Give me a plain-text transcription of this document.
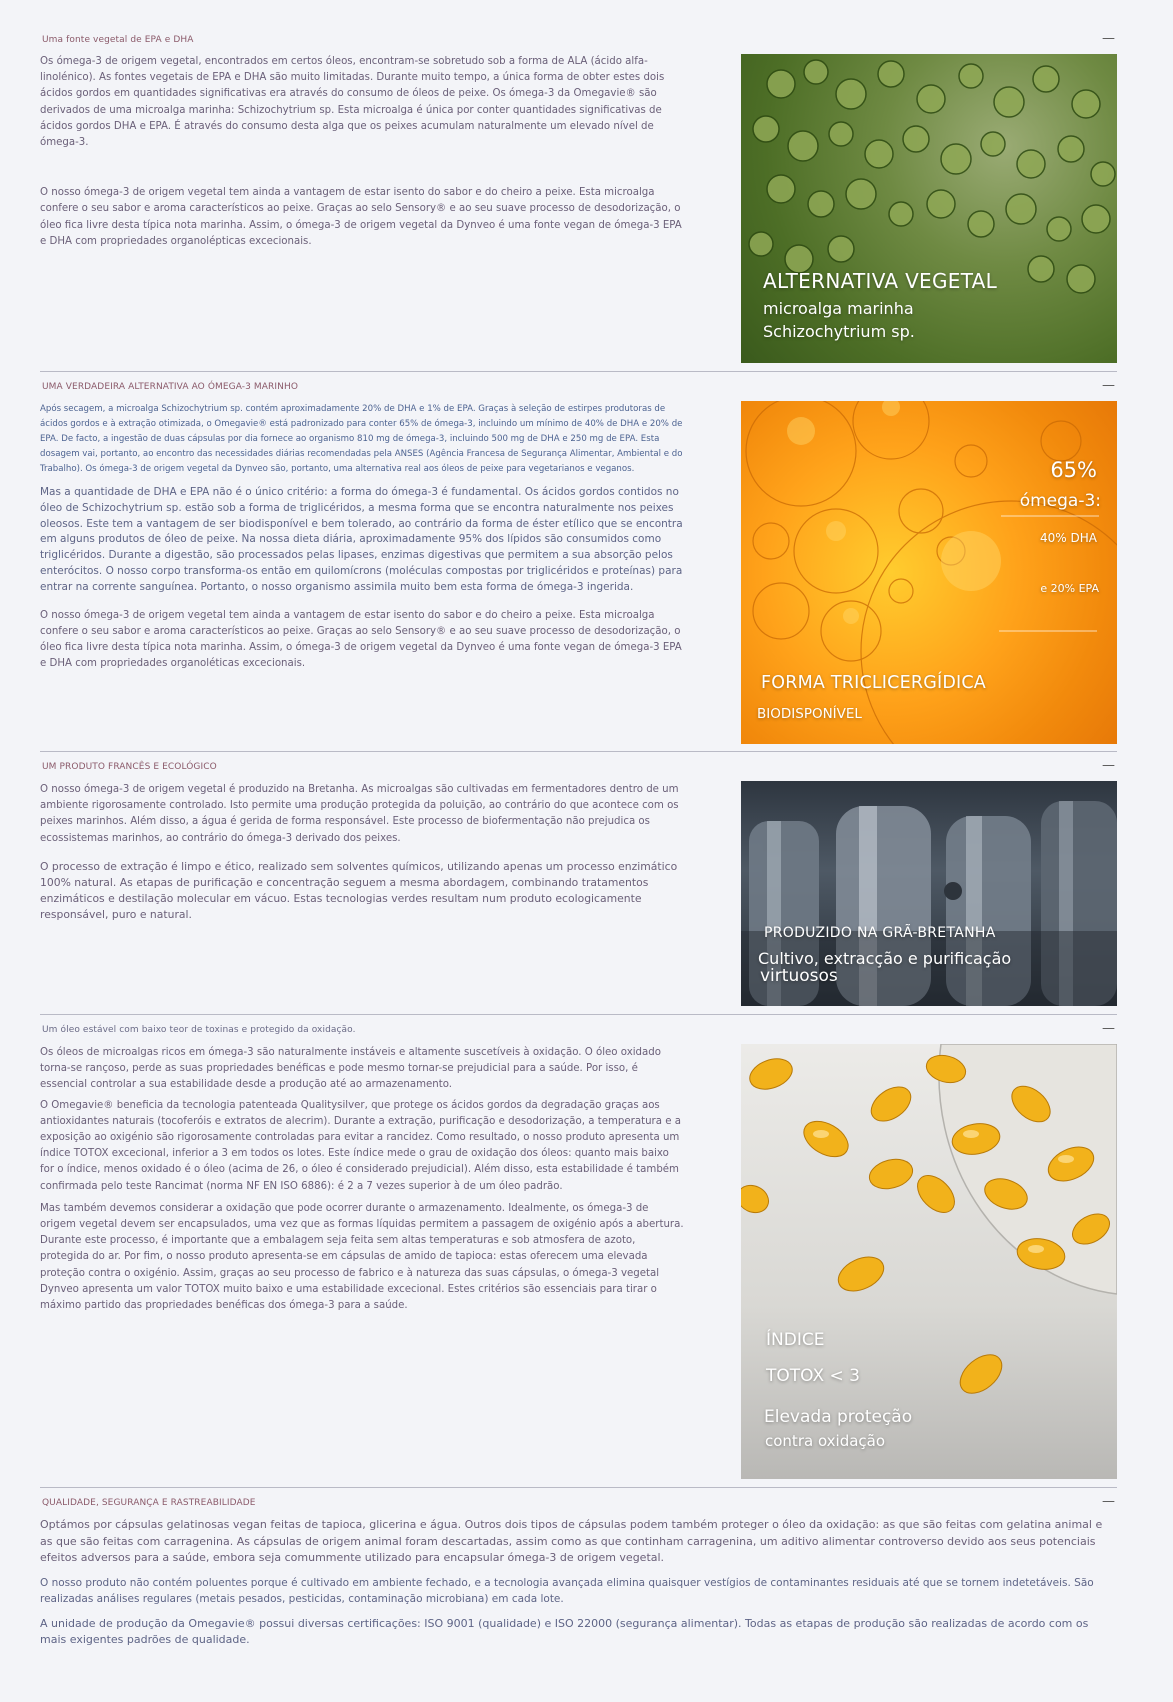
Uma fonte vegetal de EPA e DHA	—

Os ómega-3 de origem vegetal, encontrados em certos óleos, encontram-se sobretudo sob a forma de ALA (ácido alfa-linolénico). As fontes vegetais de EPA e DHA são muito limitadas. Durante muito tempo, a única forma de obter estes dois ácidos gordos em quantidades significativas era através do consumo de óleos de peixe. Os ómega-3 da Omegavie® são derivados de uma microalga marinha: Schizochytrium sp. Esta microalga é única por conter quantidades significativas de ácidos gordos DHA e EPA. É através do consumo desta alga que os peixes acumulam naturalmente um elevado nível de ómega-3.

O nosso ómega-3 de origem vegetal tem ainda a vantagem de estar isento do sabor e do cheiro a peixe. Esta microalga confere o seu sabor e aroma característicos ao peixe. Graças ao selo Sensory® e ao seu suave processo de desodorização, o óleo fica livre desta típica nota marinha. Assim, o ómega-3 de origem vegetal da Dynveo é uma fonte vegan de ómega-3 EPA e DHA com propriedades organolépticas excecionais.

ALTERNATIVA VEGETAL
microalga marinha
Schizochytrium sp.
UMA VERDADEIRA ALTERNATIVA AO ÓMEGA-3 MARINHO	—

Após secagem, a microalga Schizochytrium sp. contém aproximadamente 20% de DHA e 1% de EPA. Graças à seleção de estirpes produtoras de ácidos gordos e à extração otimizada, o Omegavie® está padronizado para conter 65% de ómega-3, incluindo um mínimo de 40% de DHA e 20% de EPA. De facto, a ingestão de duas cápsulas por dia fornece ao organismo 810 mg de ómega-3, incluindo 500 mg de DHA e 250 mg de EPA. Esta dosagem vai, portanto, ao encontro das necessidades diárias recomendadas pela ANSES (Agência Francesa de Segurança Alimentar, Ambiental e do Trabalho). Os ómega-3 de origem vegetal da Dynveo são, portanto, uma alternativa real aos óleos de peixe para vegetarianos e veganos.

Mas a quantidade de DHA e EPA não é o único critério: a forma do ómega-3 é fundamental. Os ácidos gordos contidos no óleo de Schizochytrium sp. estão sob a forma de triglicéridos, a mesma forma que se encontra naturalmente nos peixes oleosos. Este tem a vantagem de ser biodisponível e bem tolerado, ao contrário da forma de éster etílico que se encontra em alguns produtos de óleo de peixe. Na nossa dieta diária, aproximadamente 95% dos lípidos são consumidos como triglicéridos. Durante a digestão, são processados pelas lipases, enzimas digestivas que permitem a sua absorção pelos enterócitos. O nosso corpo transforma-os então em quilomícrons (moléculas compostas por triglicéridos e proteínas) para entrar na corrente sanguínea. Portanto, o nosso organismo assimila muito bem esta forma de ómega-3 ingerida.

O nosso ómega-3 de origem vegetal tem ainda a vantagem de estar isento do sabor e do cheiro a peixe. Esta microalga confere o seu sabor e aroma característicos ao peixe. Graças ao selo Sensory® e ao seu suave processo de desodorização, o óleo fica livre desta típica nota marinha. Assim, o ómega-3 de origem vegetal da Dynveo é uma fonte vegan de ómega-3 EPA e DHA com propriedades organoléticas excecionais.

65%
ómega-3:
40% DHA
e 20% EPA
FORMA TRICLICERGÍDICA
BIODISPONÍVEL
UM PRODUTO FRANCÊS E ECOLÓGICO	—

O nosso ómega-3 de origem vegetal é produzido na Bretanha. As microalgas são cultivadas em fermentadores dentro de um ambiente rigorosamente controlado. Isto permite uma produção protegida da poluição, ao contrário do que acontece com os peixes marinhos. Além disso, a água é gerida de forma responsável. Este processo de biofermentação não prejudica os ecossistemas marinhos, ao contrário do ómega-3 derivado dos peixes.

O processo de extração é limpo e ético, realizado sem solventes químicos, utilizando apenas um processo enzimático 100% natural. As etapas de purificação e concentração seguem a mesma abordagem, combinando tratamentos enzimáticos e destilação molecular em vácuo. Estas tecnologias verdes resultam num produto ecologicamente responsável, puro e natural.

PRODUZIDO NA GRÃ-BRETANHA
Cultivo, extracção e purificação
virtuosos
Um óleo estável com baixo teor de toxinas e protegido da oxidação.	—

Os óleos de microalgas ricos em ómega-3 são naturalmente instáveis e altamente suscetíveis à oxidação. O óleo oxidado torna-se rançoso, perde as suas propriedades benéficas e pode mesmo tornar-se prejudicial para a saúde. Por isso, é essencial controlar a sua estabilidade desde a produção até ao armazenamento.

O Omegavie® beneficia da tecnologia patenteada Qualitysilver, que protege os ácidos gordos da degradação graças aos antioxidantes naturais (tocoferóis e extratos de alecrim). Durante a extração, purificação e desodorização, a temperatura e a exposição ao oxigénio são rigorosamente controladas para evitar a rancidez. Como resultado, o nosso produto apresenta um índice TOTOX excecional, inferior a 3 em todos os lotes. Este índice mede o grau de oxidação dos óleos: quanto mais baixo for o índice, menos oxidado é o óleo (acima de 26, o óleo é considerado prejudicial). Além disso, esta estabilidade é também confirmada pelo teste Rancimat (norma NF EN ISO 6886): é 2 a 7 vezes superior à de um óleo padrão.

Mas também devemos considerar a oxidação que pode ocorrer durante o armazenamento. Idealmente, os ómega-3 de origem vegetal devem ser encapsulados, uma vez que as formas líquidas permitem a passagem de oxigénio após a abertura. Durante este processo, é importante que a embalagem seja feita sem altas temperaturas e sob atmosfera de azoto, protegida do ar. Por fim, o nosso produto apresenta-se em cápsulas de amido de tapioca: estas oferecem uma elevada proteção contra o oxigénio. Assim, graças ao seu processo de fabrico e à natureza das suas cápsulas, o ómega-3 vegetal Dynveo apresenta um valor TOTOX muito baixo e uma estabilidade excecional. Estes critérios são essenciais para tirar o máximo partido das propriedades benéficas dos ómega-3 para a saúde.

ÍNDICE
TOTOX < 3
Elevada proteção
contra oxidação
QUALIDADE, SEGURANÇA E RASTREABILIDADE	—

Optámos por cápsulas gelatinosas vegan feitas de tapioca, glicerina e água. Outros dois tipos de cápsulas podem também proteger o óleo da oxidação: as que são feitas com gelatina animal e as que são feitas com carragenina. As cápsulas de origem animal foram descartadas, assim como as que continham carragenina, um aditivo alimentar controverso devido aos seus potenciais efeitos adversos para a saúde, embora seja comummente utilizado para encapsular ómega-3 de origem vegetal.

O nosso produto não contém poluentes porque é cultivado em ambiente fechado, e a tecnologia avançada elimina quaisquer vestígios de contaminantes residuais até que se tornem indetetáveis. São realizadas análises regulares (metais pesados, pesticidas, contaminação microbiana) em cada lote.

A unidade de produção da Omegavie® possui diversas certificações: ISO 9001 (qualidade) e ISO 22000 (segurança alimentar). Todas as etapas de produção são realizadas de acordo com os mais exigentes padrões de qualidade.
